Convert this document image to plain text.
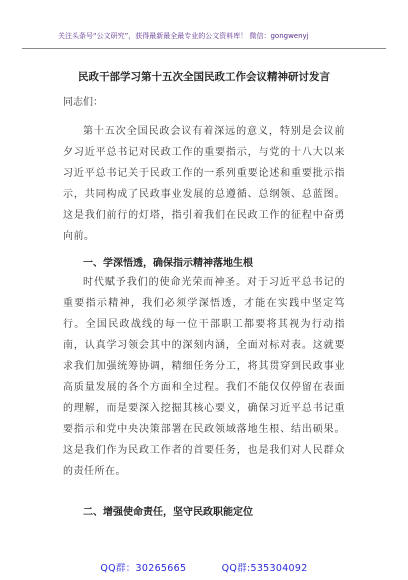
关注头条号“公文研究”，获得最新最全最专业的公文资料库！ 微信：gongwenyj
民政干部学习第十五次全国民政工作会议精神研讨发言
同志们：
第十五次全国民政会议有着深远的意义，特别是会议前夕习近平总书记对民政工作的重要指示，与党的十八大以来习近平总书记关于民政工作的一系列重要论述和重要批示指示，共同构成了民政事业发展的总遵循、总纲领、总蓝图。这是我们前行的灯塔，指引着我们在民政工作的征程中奋勇向前。
一、学深悟透，确保指示精神落地生根
时代赋予我们的使命光荣而神圣。对于习近平总书记的重要指示精神，我们必须学深悟透，才能在实践中坚定笃行。全国民政战线的每一位干部职工都要将其视为行动指南，认真学习领会其中的深刻内涵，全面对标对表。这就要求我们加强统筹协调，精细任务分工，将其贯穿到民政事业高质量发展的各个方面和全过程。我们不能仅仅停留在表面的理解，而是要深入挖掘其核心要义，确保习近平总书记重要指示和党中央决策部署在民政领域落地生根、结出硕果。这是我们作为民政工作者的首要任务，也是我们对人民群众的责任所在。
二、增强使命责任，坚守民政职能定位
QQ群：30265665	QQ群:535304092
